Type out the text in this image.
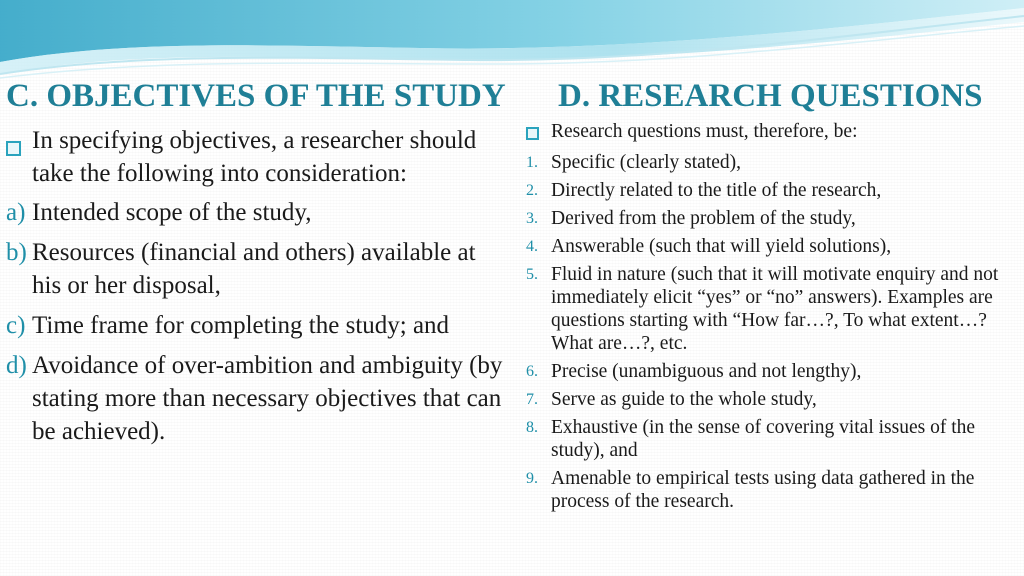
C. OBJECTIVES OF THE STUDY
In specifying objectives, a researcher should take the following into consideration:
a) Intended scope of the study,
b) Resources (financial and others) available at his or her disposal,
c) Time frame for completing the study; and
d) Avoidance of over-ambition and ambiguity (by stating more than necessary objectives that can be achieved).
D. RESEARCH QUESTIONS
Research questions must, therefore, be:
1. Specific (clearly stated),
2. Directly related to the title of the research,
3. Derived from the problem of the study,
4. Answerable (such that will yield solutions),
5. Fluid in nature (such that it will motivate enquiry and not immediately elicit “yes” or “no” answers). Examples are questions starting with “How far…?, To what extent…? What are…?, etc.
6. Precise (unambiguous and not lengthy),
7. Serve as guide to the whole study,
8. Exhaustive (in the sense of covering vital issues of the study), and
9. Amenable to empirical tests using data gathered in the process of the research.
